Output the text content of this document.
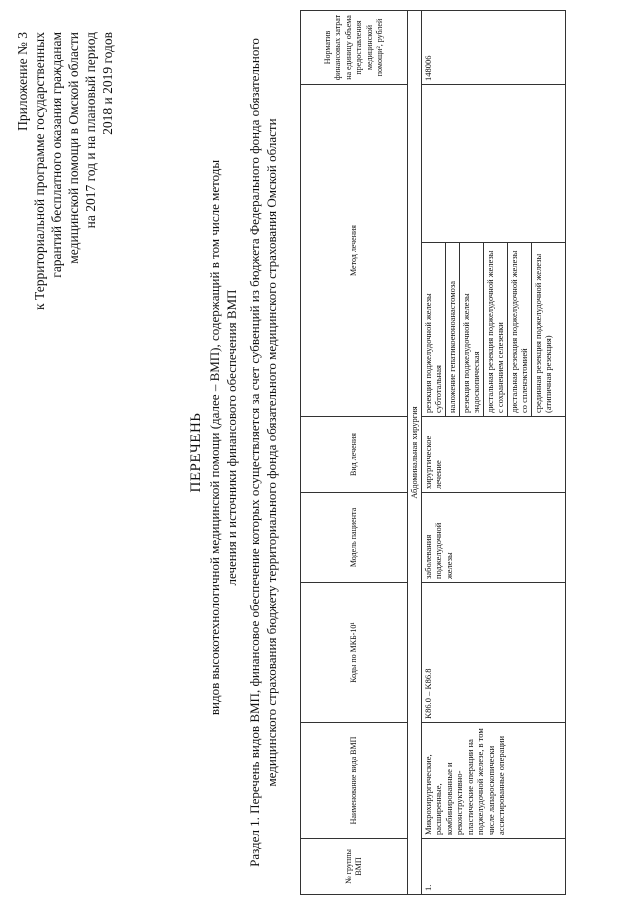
Приложение № 3 к Территориальной программе государственных гарантий бесплатного оказания гражданам медицинской помощи в Омской области на 2017 год и на плановый период 2018 и 2019 годов
ПЕРЕЧЕНЬ видов высокотехнологичной медицинской помощи (далее – ВМП), содержащий в том числе методы лечения и источники финансового обеспечения ВМП Раздел 1. Перечень видов ВМП, финансовое обеспечение которых осуществляется за счет субвенций из бюджета Федерального фонда обязательного медицинского страхования бюджету территориального фонда обязательного медицинского страхования Омской области
№ группы ВМП	Наименование вида ВМП	Коды по МКБ-10¹	Модель пациента	Вид лечения	Метод лечения		Норматив финансовых затрат на единицу объема предоставления медицинской помощи², рублей
Абдоминальная хирургия							
1.	Микрохирургические, расширенные, комбинированные и реконструктивно-пластические операции на поджелудочной железе, в том числе лапароскопически ассистированные операции	K86.0 – K86.8	заболевания поджелудочной железы	хирургическое лечение	резекция поджелудочной железы субтотальная		148006
					наложение гепатикоеюноанастомоза		
					резекция поджелудочной железы эндоскопическая		
					дистальная резекция поджелудочной железы с сохранением селезенки		
					дистальная резекция поджелудочной железы со спленэктомией		
					срединная резекция поджелудочной железы (атипичная резекция)		
